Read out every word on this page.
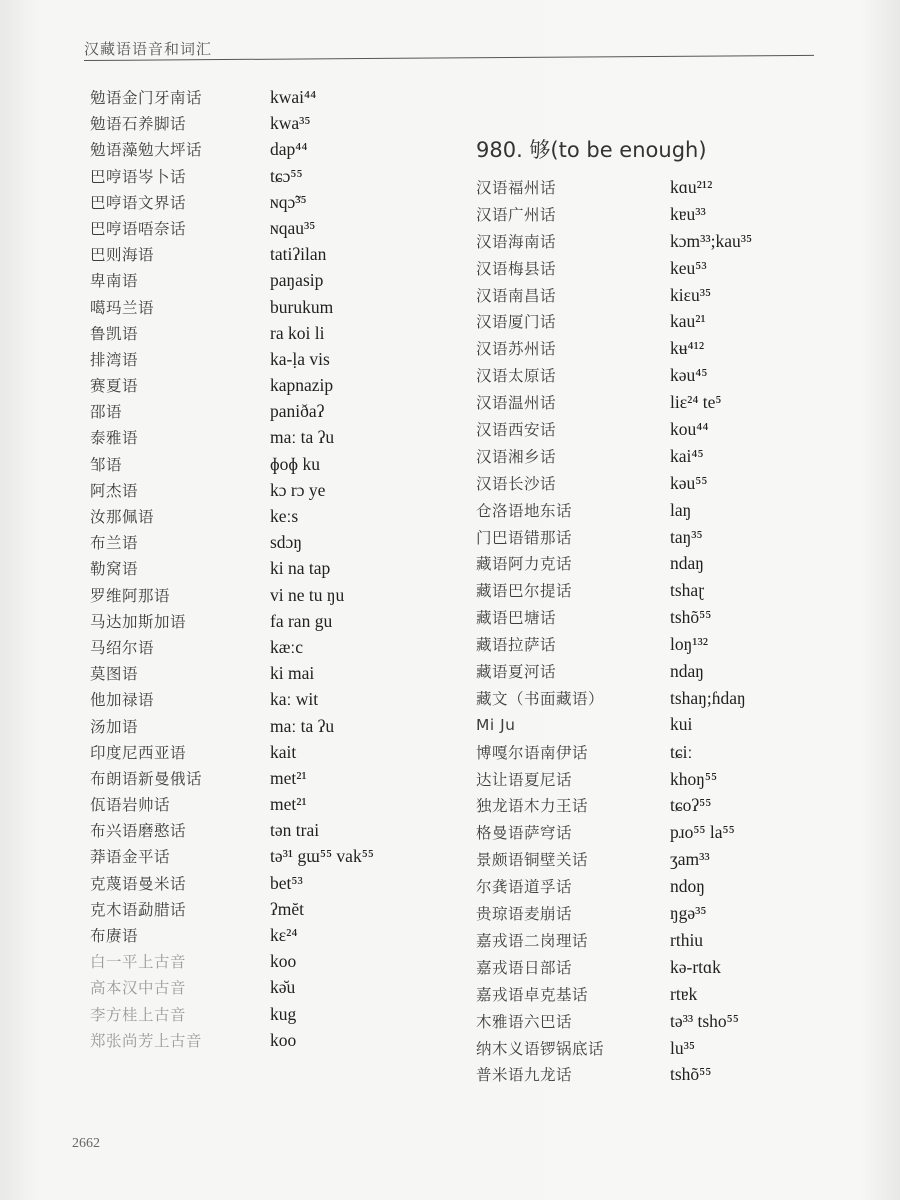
汉藏语语音和词汇
勉语金门牙南话	kwai⁴⁴
勉语石养脚话	kwa³⁵
勉语藻勉大坪话	dap⁴⁴
巴哼语岑卜话	tɕɔ⁵⁵
巴哼语文界话	ɴqɔ̃³⁵
巴哼语唔奈话	ɴqau³⁵
巴则海语	tatiʔilan
卑南语	paŋasip
噶玛兰语	burukum
鲁凯语	ra koi li
排湾语	ka-ḷa vis
赛夏语	kapnazip
邵语	paniðaʔ
泰雅语	maː ta ʔu
邹语	ɸoɸ ku
阿杰语	kɔ rɔ ye
汝那佩语	keːs
布兰语	sdɔŋ
勒窝语	ki na tap
罗维阿那语	vi ne tu ŋu
马达加斯加语	fa ran gu
马绍尔语	kæːc
莫图语	ki mai
他加禄语	kaː wit
汤加语	maː ta ʔu
印度尼西亚语	kait
布朗语新曼俄话	met²¹
佤语岩帅话	met²¹
布兴语磨憨话	tən trai
莽语金平话	tə³¹ gɯ⁵⁵ vak⁵⁵
克蔑语曼米话	bet⁵³
克木语勐腊话	ʔmĕt
布赓语	kɛ²⁴
白一平上古音	koo
高本汉中古音	kə̆u
李方桂上古音	kug
郑张尚芳上古音	koo
980. 够(to be enough)
汉语福州话	kɑu²¹²
汉语广州话	kɐu³³
汉语海南话	kɔm³³;kau³⁵
汉语梅县话	keu⁵³
汉语南昌话	kiɛu³⁵
汉语厦门话	kau²¹
汉语苏州话	kʉ⁴¹²
汉语太原话	kəu⁴⁵
汉语温州话	liɛ²⁴ te⁵
汉语西安话	kou⁴⁴
汉语湘乡话	kai⁴⁵
汉语长沙话	kəu⁵⁵
仓洛语地东话	laŋ
门巴语错那话	taŋ³⁵
藏语阿力克话	ndaŋ
藏语巴尔提话	tshaɽ
藏语巴塘话	tshõ⁵⁵
藏语拉萨话	loŋ¹³²
藏语夏河话	ndaŋ
藏文（书面藏语）	tshaŋ;ɦdaŋ
Mi Ju	kui
博嘎尔语南伊话	tɕiː
达让语夏尼话	khoŋ⁵⁵
独龙语木力王话	tɕoʔ⁵⁵
格曼语萨穹话	pɹo⁵⁵ la⁵⁵
景颇语铜壁关话	ʒam³³
尔龚语道孚话	ndoŋ
贵琼语麦崩话	ŋgə³⁵
嘉戎语二岗理话	rthiu
嘉戎语日部话	kə-rtɑk
嘉戎语卓克基话	rtɐk
木雅语六巴话	tə³³ tsho⁵⁵
纳木义语锣锅底话	lu³⁵
普米语九龙话	tshõ⁵⁵
2662
